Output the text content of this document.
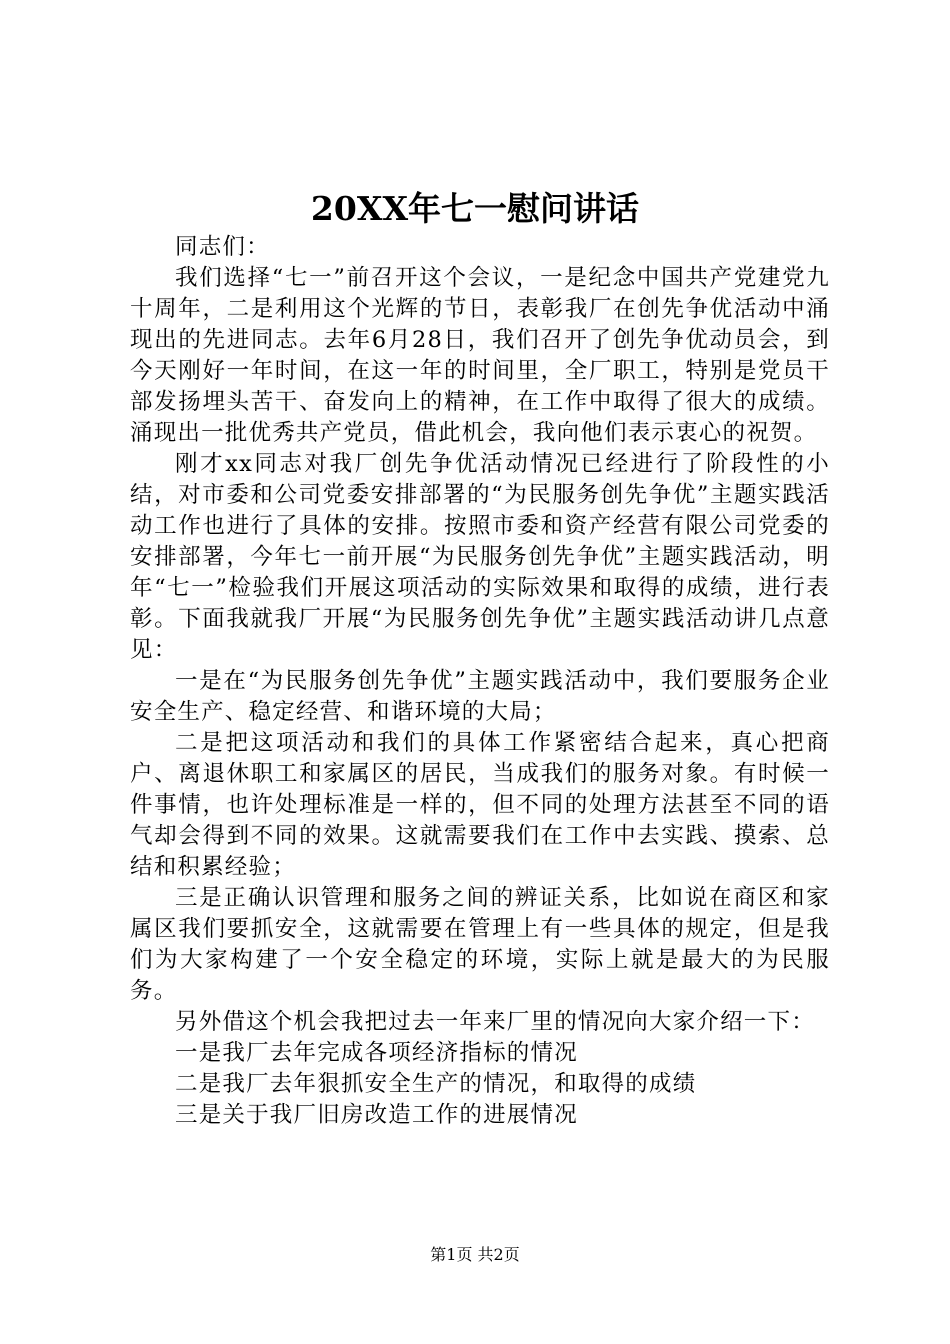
20XX年七一慰问讲话

同志们：

我们选择“七一”前召开这个会议，一是纪念中国共产党建党九十周年，二是利用这个光辉的节日，表彰我厂在创先争优活动中涌现出的先进同志。去年6月28日，我们召开了创先争优动员会，到今天刚好一年时间，在这一年的时间里，全厂职工，特别是党员干部发扬埋头苦干、奋发向上的精神，在工作中取得了很大的成绩。涌现出一批优秀共产党员，借此机会，我向他们表示衷心的祝贺。

刚才xx同志对我厂创先争优活动情况已经进行了阶段性的小结，对市委和公司党委安排部署的“为民服务创先争优”主题实践活动工作也进行了具体的安排。按照市委和资产经营有限公司党委的安排部署，今年七一前开展“为民服务创先争优”主题实践活动，明年“七一”检验我们开展这项活动的实际效果和取得的成绩，进行表彰。下面我就我厂开展“为民服务创先争优”主题实践活动讲几点意见：

一是在“为民服务创先争优”主题实践活动中，我们要服务企业安全生产、稳定经营、和谐环境的大局；

二是把这项活动和我们的具体工作紧密结合起来，真心把商户、离退休职工和家属区的居民，当成我们的服务对象。有时候一件事情，也许处理标准是一样的，但不同的处理方法甚至不同的语气却会得到不同的效果。这就需要我们在工作中去实践、摸索、总结和积累经验；

三是正确认识管理和服务之间的辨证关系，比如说在商区和家属区我们要抓安全，这就需要在管理上有一些具体的规定，但是我们为大家构建了一个安全稳定的环境，实际上就是最大的为民服务。

另外借这个机会我把过去一年来厂里的情况向大家介绍一下：

一是我厂去年完成各项经济指标的情况

二是我厂去年狠抓安全生产的情况，和取得的成绩

三是关于我厂旧房改造工作的进展情况

第1页 共2页
